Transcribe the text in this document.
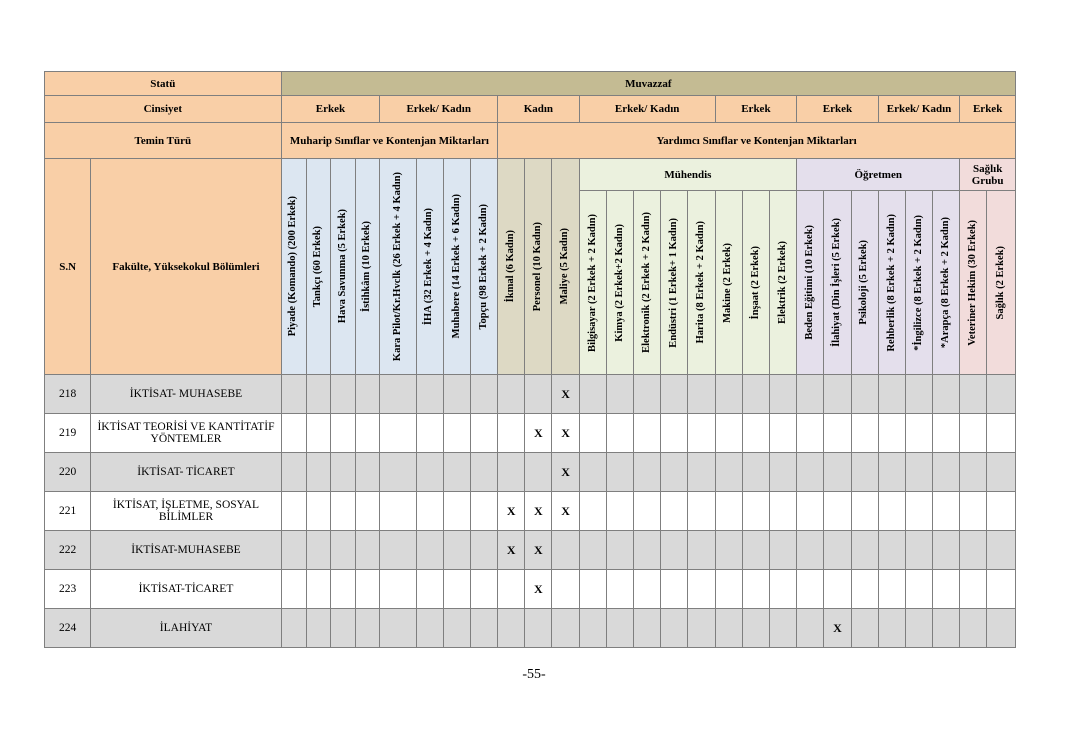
Statü		Muvazzaf																										
Cinsiyet		Erkek				Erkek/ Kadın				Kadın			Erkek/ Kadın					Erkek			Erkek			Erkek/ Kadın			Erkek	
Temin Türü		Muharip Sınıflar ve Kontenjan Miktarları								Yardımcı Sınıflar ve Kontenjan Miktarları																		
S.N	Fakülte, Yüksekokul Bölümleri	Piyade (Komando) (200 Erkek)	Tankçı (60 Erkek)	Hava Savunma (5 Erkek)	İstihkâm (10 Erkek)	Kara Pilot/Kr.Hvclk (26 Erkek + 4 Kadın)	İHA (32 Erkek + 4 Kadın)	Muhabere (14 Erkek + 6 Kadın)	Topçu (98 Erkek + 2 Kadın)	İkmal (6 Kadın)	Personel (10 Kadın)	Maliye (5 Kadın)	Mühendis								Öğretmen						Sağlık Grubu	

													Bilgisayar (2 Erkek + 2 Kadın)	Kimya (2 Erkek+2 Kadın)	Elektronik (2 Erkek + 2 Kadın)	Endüstri (1 Erkek+ 1 Kadın)	Harita (8 Erkek + 2 Kadın)	Makine (2 Erkek)	İnşaat (2 Erkek)	Elektrik (2 Erkek)	Beden Eğitimi (10 Erkek)	İlahiyat (Din İşleri (5 Erkek)	Psikoloji (5 Erkek)	Rehberlik (8 Erkek + 2 Kadın)	*İngilizce (8 Erkek + 2 Kadın)	*Arapça (8 Erkek + 2 Kadın)	Veteriner Hekim (30 Erkek)	Sağlık (2 Erkek)

218	İKTİSAT- MUHASEBE											X																
219	İKTİSAT TEORİSİ VE KANTİTATİF YÖNTEMLER										X	X																
220	İKTİSAT- TİCARET											X																
221	İKTİSAT, İŞLETME, SOSYAL BİLİMLER									X	X	X																
222	İKTİSAT-MUHASEBE									X	X																	
223	İKTİSAT-TİCARET										X																	
224	İLAHİYAT																					X						
-55-
